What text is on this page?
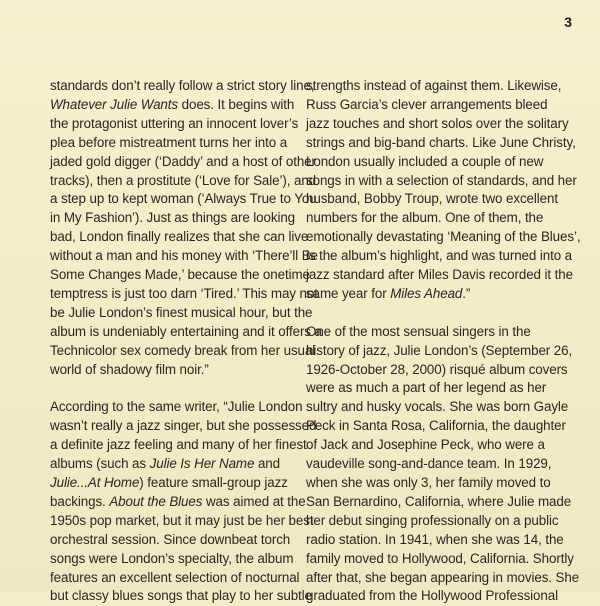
3
standards don’t really follow a strict story line,
Whatever Julie Wants does. It begins with
the protagonist uttering an innocent lover’s
plea before mistreatment turns her into a
jaded gold digger (‘Daddy’ and a host of other
tracks), then a prostitute (‘Love for Sale’), and
a step up to kept woman (‘Always True to You
in My Fashion’). Just as things are looking
bad, London finally realizes that she can live
without a man and his money with ‘There’ll Be
Some Changes Made,’ because the onetime
temptress is just too darn ‘Tired.’ This may not
be Julie London’s finest musical hour, but the
album is undeniably entertaining and it offers a
Technicolor sex comedy break from her usual
world of shadowy film noir.”
According to the same writer, “Julie London
wasn’t really a jazz singer, but she possessed
a definite jazz feeling and many of her finest
albums (such as Julie Is Her Name and
Julie...At Home) feature small-group jazz
backings. About the Blues was aimed at the
1950s pop market, but it may just be her best
orchestral session. Since downbeat torch
songs were London’s specialty, the album
features an excellent selection of nocturnal
but classy blues songs that play to her subtle
strengths instead of against them. Likewise,
Russ Garcia’s clever arrangements bleed
jazz touches and short solos over the solitary
strings and big-band charts. Like June Christy,
London usually included a couple of new
songs in with a selection of standards, and her
husband, Bobby Troup, wrote two excellent
numbers for the album. One of them, the
emotionally devastating ‘Meaning of the Blues’,
is the album’s highlight, and was turned into a
jazz standard after Miles Davis recorded it the
same year for Miles Ahead.”
One of the most sensual singers in the
history of jazz, Julie London’s (September 26,
1926-October 28, 2000) risqué album covers
were as much a part of her legend as her
sultry and husky vocals. She was born Gayle
Peck in Santa Rosa, California, the daughter
of Jack and Josephine Peck, who were a
vaudeville song-and-dance team. In 1929,
when she was only 3, her family moved to
San Bernardino, California, where Julie made
her debut singing professionally on a public
radio station. In 1941, when she was 14, the
family moved to Hollywood, California. Shortly
after that, she began appearing in movies. She
graduated from the Hollywood Professional
